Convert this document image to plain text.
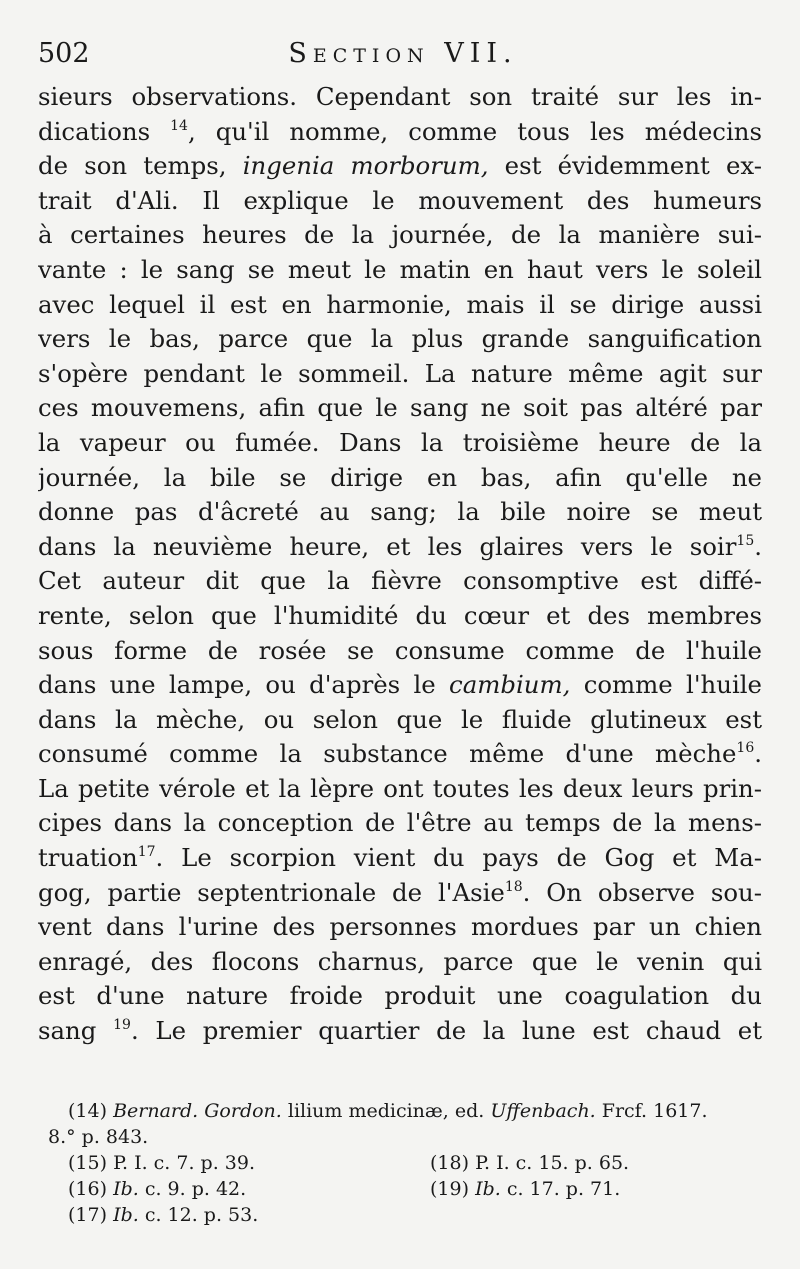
502	Section VII.
sieurs observations. Cependant son traité sur les in-
dications $^{14}$, qu'il nomme, comme tous les médecins
de son temps, ingenia morborum, est évidemment ex-
trait d'Ali. Il explique le mouvement des humeurs
à certaines heures de la journée, de la manière sui-
vante : le sang se meut le matin en haut vers le soleil
avec lequel il est en harmonie, mais il se dirige aussi
vers le bas, parce que la plus grande sanguification
s'opère pendant le sommeil. La nature même agit sur
ces mouvemens, afin que le sang ne soit pas altéré par
la vapeur ou fumée. Dans la troisième heure de la
journée, la bile se dirige en bas, afin qu'elle ne
donne pas d'âcreté au sang; la bile noire se meut
dans la neuvième heure, et les glaires vers le soir$^{15}$.
Cet auteur dit que la fièvre consomptive est diffé-
rente, selon que l'humidité du cœur et des membres
sous forme de rosée se consume comme de l'huile
dans une lampe, ou d'après le cambium, comme l'huile
dans la mèche, ou selon que le fluide glutineux est
consumé comme la substance même d'une mèche$^{16}$.
La petite vérole et la lèpre ont toutes les deux leurs prin-
cipes dans la conception de l'être au temps de la mens-
truation$^{17}$. Le scorpion vient du pays de Gog et Ma-
gog, partie septentrionale de l'Asie$^{18}$. On observe sou-
vent dans l'urine des personnes mordues par un chien
enragé, des flocons charnus, parce que le venin qui
est d'une nature froide produit une coagulation du
sang $^{19}$. Le premier quartier de la lune est chaud et
(14) Bernard. Gordon. lilium medicinæ, ed. Uffenbach. Frcf. 1617.
8.° p. 843.
(15) P. I. c. 7. p. 39.	(18) P. I. c. 15. p. 65.
(16) Ib. c. 9. p. 42.	(19) Ib. c. 17. p. 71.
(17) Ib. c. 12. p. 53.
